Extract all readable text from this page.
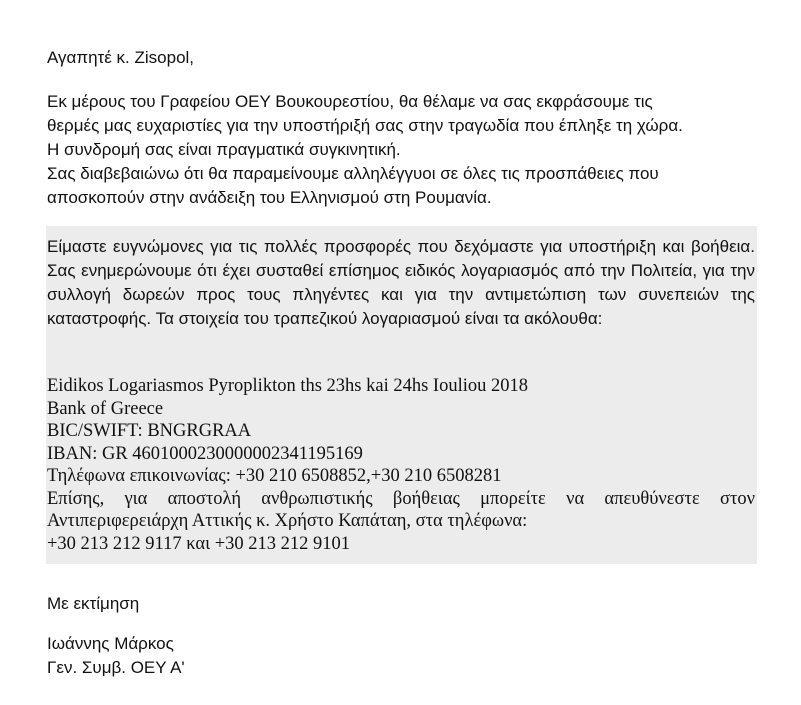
Αγαπητέ κ. Zisopol,
Εκ μέρους του Γραφείου ΟΕΥ Βουκουρεστίου, θα θέλαμε να σας εκφράσουμε τις
θερμές μας ευχαριστίες για την υποστήριξή σας στην τραγωδία που έπληξε τη χώρα.
Η συνδρομή σας είναι πραγματικά συγκινητική.
Σας διαβεβαιώνω ότι θα παραμείνουμε αλληλέγγυοι σε όλες τις προσπάθειες που
αποσκοπούν στην ανάδειξη του Ελληνισμού στη Ρουμανία.
Είμαστε ευγνώμονες για τις πολλές προσφορές που δεχόμαστε για υποστήριξη και βοήθεια. Σας ενημερώνουμε ότι έχει συσταθεί επίσημος ειδικός λογαριασμός από την Πολιτεία, για την συλλογή δωρεών προς τους πληγέντες και για την αντιμετώπιση των συνεπειών της καταστροφής. Τα στοιχεία του τραπεζικού λογαριασμού είναι τα ακόλουθα:
Eidikos Logariasmos Pyroplikton ths 23hs kai 24hs Iouliou 2018
Bank of Greece
BIC/SWIFT: BNGRGRAA
IBAN: GR 4601000230000002341195169
Τηλέφωνα επικοινωνίας: +30 210 6508852,+30 210 6508281
Επίσης, για αποστολή ανθρωπιστικής βοήθειας μπορείτε να απευθύνεστε στον Αντιπεριφερειάρχη Αττικής κ. Χρήστο Καπάταη, στα τηλέφωνα:
+30 213 212 9117 και +30 213 212 9101
Με εκτίμηση
Ιωάννης Μάρκος
Γεν. Συμβ. ΟΕΥ Α'
